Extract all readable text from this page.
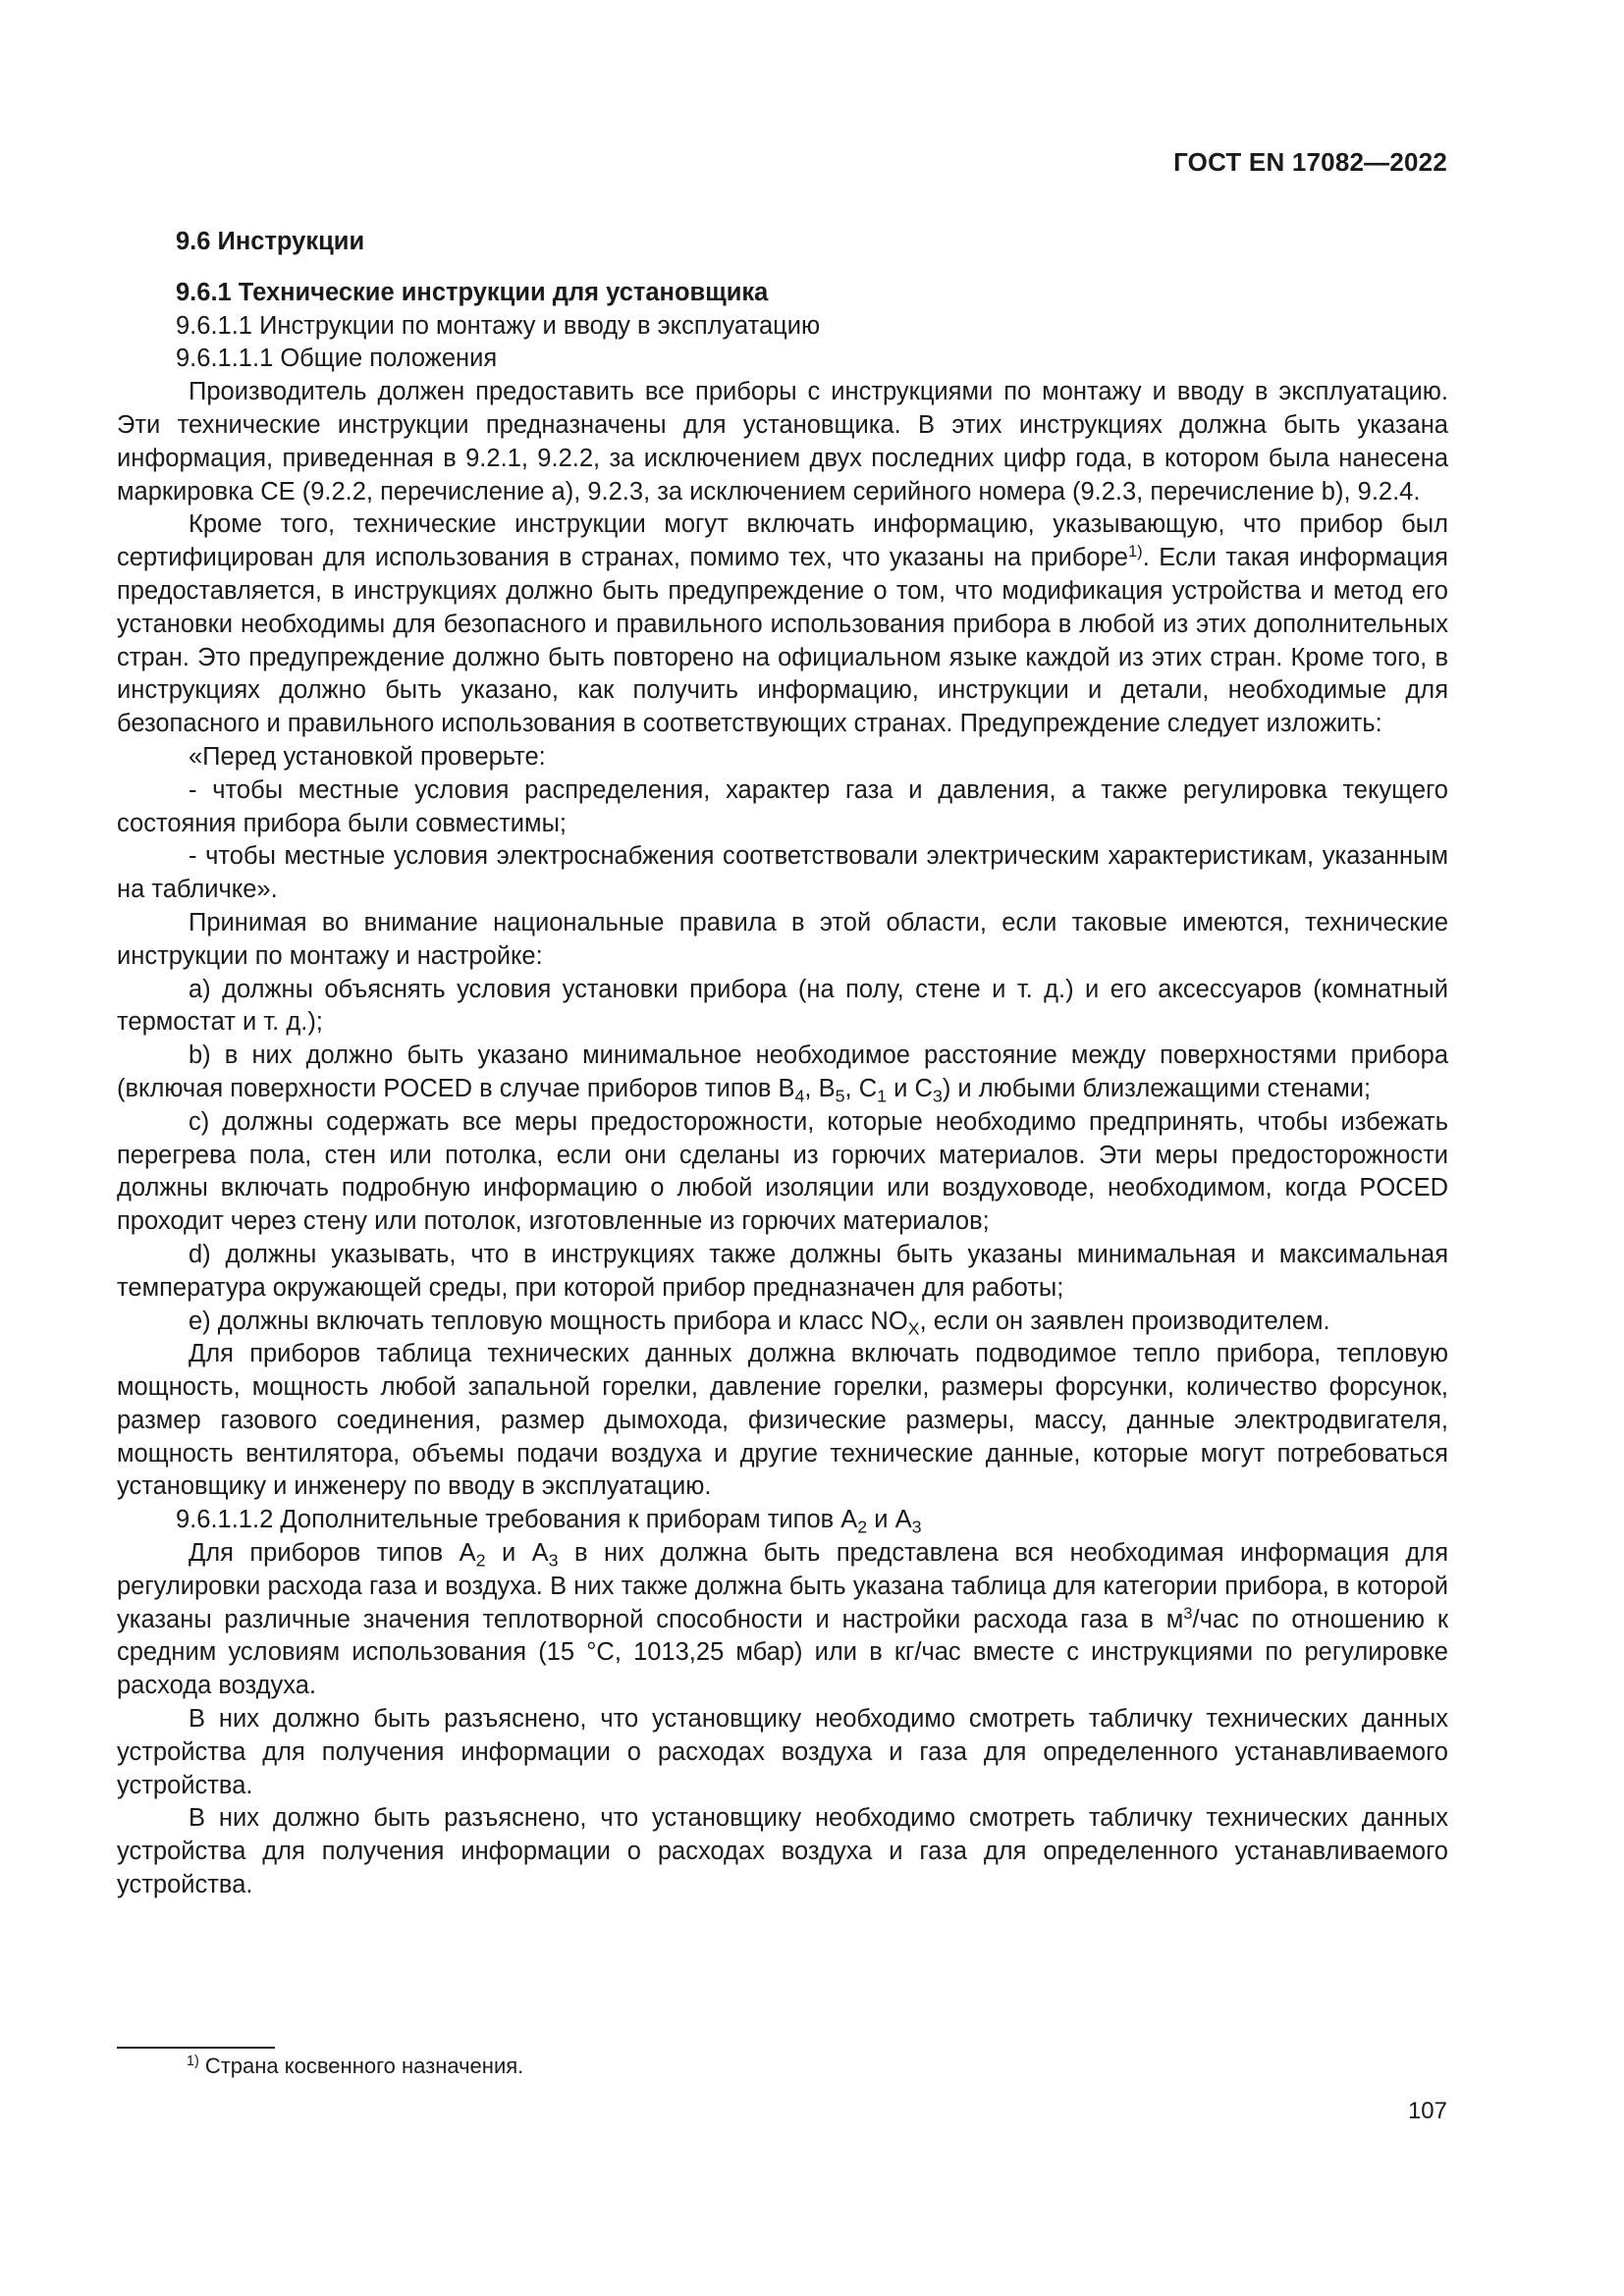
ГОСТ EN 17082—2022

9.6 Инструкции

9.6.1 Технические инструкции для установщика

9.6.1.1 Инструкции по монтажу и вводу в эксплуатацию

9.6.1.1.1 Общие положения

Производитель должен предоставить все приборы с инструкциями по монтажу и вводу в эксплуатацию. Эти технические инструкции предназначены для установщика. В этих инструкциях должна быть указана информация, приведенная в 9.2.1, 9.2.2, за исключением двух последних цифр года, в котором была нанесена маркировка CE (9.2.2, перечисление a), 9.2.3, за исключением серийного номера (9.2.3, перечисление b), 9.2.4.

Кроме того, технические инструкции могут включать информацию, указывающую, что прибор был сертифицирован для использования в странах, помимо тех, что указаны на приборе$^{1)}$. Если такая информация предоставляется, в инструкциях должно быть предупреждение о том, что модификация устройства и метод его установки необходимы для безопасного и правильного использования прибора в любой из этих дополнительных стран. Это предупреждение должно быть повторено на официальном языке каждой из этих стран. Кроме того, в инструкциях должно быть указано, как получить информацию, инструкции и детали, необходимые для безопасного и правильного использования в соответствующих странах. Предупреждение следует изложить:

«Перед установкой проверьте:

- чтобы местные условия распределения, характер газа и давления, а также регулировка текущего состояния прибора были совместимы;

- чтобы местные условия электроснабжения соответствовали электрическим характеристикам, указанным на табличке».

Принимая во внимание национальные правила в этой области, если таковые имеются, технические инструкции по монтажу и настройке:

a) должны объяснять условия установки прибора (на полу, стене и т. д.) и его аксессуаров (комнатный термостат и т. д.);

b) в них должно быть указано минимальное необходимое расстояние между поверхностями прибора (включая поверхности POCED в случае приборов типов $B_4$, $B_5$, $C_1$ и $C_3$) и любыми близлежащими стенами;

c) должны содержать все меры предосторожности, которые необходимо предпринять, чтобы избежать перегрева пола, стен или потолка, если они сделаны из горючих материалов. Эти меры предосторожности должны включать подробную информацию о любой изоляции или воздуховоде, необходимом, когда POCED проходит через стену или потолок, изготовленные из горючих материалов;

d) должны указывать, что в инструкциях также должны быть указаны минимальная и максимальная температура окружающей среды, при которой прибор предназначен для работы;

e) должны включать тепловую мощность прибора и класс $NO_X$, если он заявлен производителем.

Для приборов таблица технических данных должна включать подводимое тепло прибора, тепловую мощность, мощность любой запальной горелки, давление горелки, размеры форсунки, количество форсунок, размер газового соединения, размер дымохода, физические размеры, массу, данные электродвигателя, мощность вентилятора, объемы подачи воздуха и другие технические данные, которые могут потребоваться установщику и инженеру по вводу в эксплуатацию.

9.6.1.1.2 Дополнительные требования к приборам типов $A_2$ и $A_3$

Для приборов типов $A_2$ и $A_3$ в них должна быть представлена вся необходимая информация для регулировки расхода газа и воздуха. В них также должна быть указана таблица для категории прибора, в которой указаны различные значения теплотворной способности и настройки расхода газа в $м^3$/час по отношению к средним условиям использования (15 °C, 1013,25 мбар) или в кг/час вместе с инструкциями по регулировке расхода воздуха.

В них должно быть разъяснено, что установщику необходимо смотреть табличку технических данных устройства для получения информации о расходах воздуха и газа для определенного устанавливаемого устройства.

В них должно быть разъяснено, что установщику необходимо смотреть табличку технических данных устройства для получения информации о расходах воздуха и газа для определенного устанавливаемого устройства.

$^{1)}$ Страна косвенного назначения.
107
